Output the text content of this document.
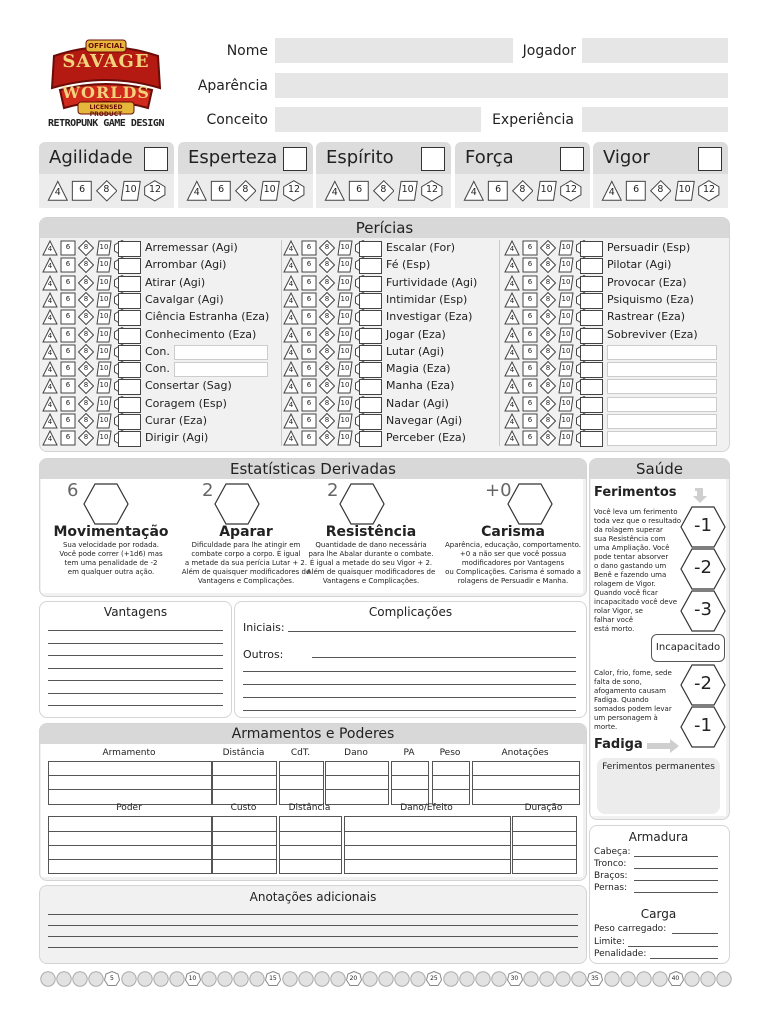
OFFICIAL
SAVAGE
WORLDS
LICENSED PRODUCT
RETROPUNK GAME DESIGN
Nome	Jogador
Aparência
Conceito	Experiência
Perícias
4	6	8	10	Arremessar (Agi)
4	6	8	10	Arrombar (Agi)
4	6	8	10	Atirar (Agi)
4	6	8	10	Cavalgar (Agi)
4	6	8	10	Ciência Estranha (Eza)
4	6	8	10	Conhecimento (Eza)
4	6	8	10	Con.
4	6	8	10	Con.
4	6	8	10	Consertar (Sag)
4	6	8	10	Coragem (Esp)
4	6	8	10	Curar (Eza)
4	6	8	10	Dirigir (Agi)
4	6	8	10	Escalar (For)
4	6	8	10	Fé (Esp)
4	6	8	10	Furtividade (Agi)
4	6	8	10	Intimidar (Esp)
4	6	8	10	Investigar (Eza)
4	6	8	10	Jogar (Eza)
4	6	8	10	Lutar (Agi)
4	6	8	10	Magia (Eza)
4	6	8	10	Manha (Eza)
4	6	8	10	Nadar (Agi)
4	6	8	10	Navegar (Agi)
4	6	8	10	Perceber (Eza)
4	6	8	10	Persuadir (Esp)
4	6	8	10	Pilotar (Agi)
4	6	8	10	Provocar (Eza)
4	6	8	10	Psiquismo (Eza)
4	6	8	10	Rastrear (Eza)
4	6	8	10	Sobreviver (Eza)
4	6	8	10
4	6	8	10
4	6	8	10
4	6	8	10
4	6	8	10
4	6	8	10
Estatísticas Derivadas
6
Movimentação
Sua velocidade por rodada.
Você pode correr (+1d6) mas
tem uma penalidade de -2
em qualquer outra ação.
2
Aparar
Dificuldade para lhe atingir em
combate corpo a corpo. É igual
a metade da sua perícia Lutar + 2.
Além de quaisquer modificadores de
Vantagens e Complicações.
2
Resistência
Quantidade de dano necessária
para lhe Abalar durante o combate.
É igual a metade do seu Vigor + 2.
Além de quaisquer modificadores de
Vantagens e Complicações.
+0
Carisma
Aparência, educação, comportamento.
+0 a não ser que você possua
modificadores por Vantagens
ou Complicações. Carisma é somado a
rolagens de Persuadir e Manha.
Saúde
Ferimentos
Você leva um ferimento
toda vez que o resultado
da rolagem superar
sua Resistência com
uma Ampliação. Você
pode tentar absorver
o dano gastando um
Benê e fazendo uma
rolagem de Vigor.
Quando você ficar
incapacitado você deve
rolar Vigor, se
falhar você
está morto.
-1
-2
-3
Incapacitado
Calor, frio, fome, sede
falta de sono,
afogamento causam
Fadiga. Quando
somados podem levar
um personagem à
morte.
-2
-1
Fadiga
Ferimentos permanentes
Vantagens	Complicações
Iniciais:
Outros:
Armamentos e Poderes
Armamento	Distância	CdT.	Dano	PA	Peso	Anotações
Poder	Custo	Distância	Dano/Efeito	Duração
Armadura
Cabeça:
Tronco:
Braços:
Pernas:
Carga
Peso carregado:
Limite:
Penalidade:
Anotações adicionais
5	10	15	20	25	30	35	40
Agilidade
4	6	8	10	12
Esperteza
4	6	8	10	12
Espírito
4	6	8	10	12
Força
4	6	8	10	12
Vigor
4	6	8	10	12
